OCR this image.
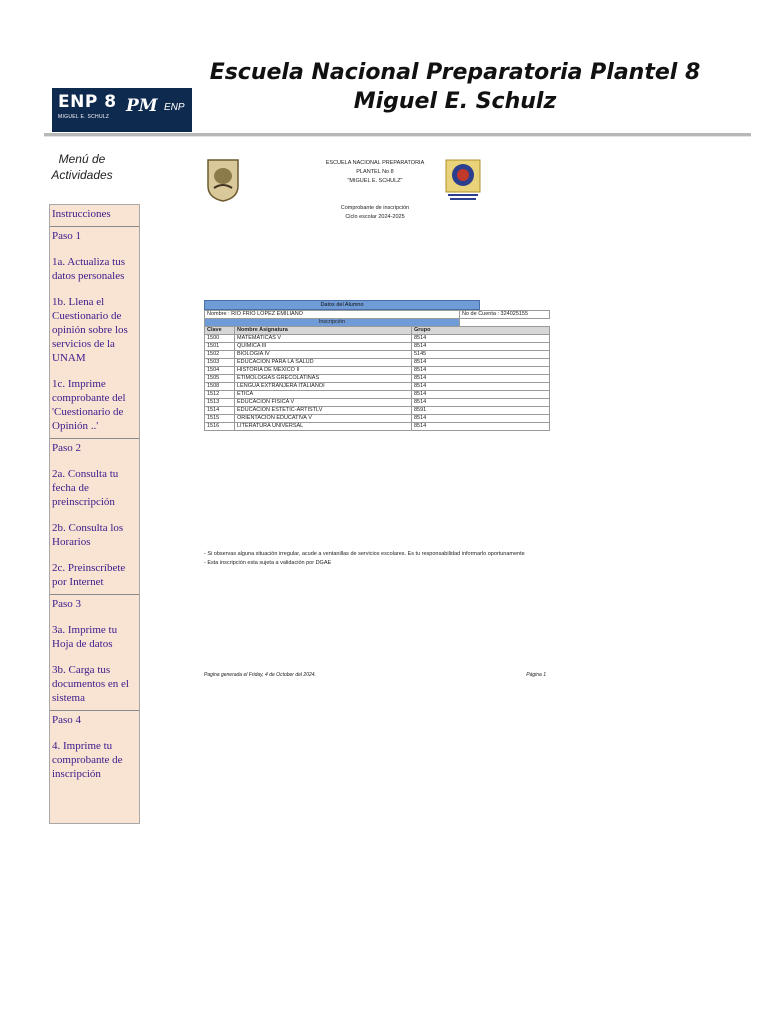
Escuela Nacional Preparatoria Plantel 8
Miguel E. Schulz
ENP 8
MIGUEL E. SCHULZ
PM ENP
Menú de Actividades
Instrucciones
Paso 1
1a. Actualiza tus datos personales
1b. Llena el Cuestionario de opinión sobre los servicios de la UNAM
1c. Imprime comprobante del 'Cuestionario de Opinión ..'
Paso 2
2a. Consulta tu fecha de preinscripción
2b. Consulta los Horarios
2c. Preinscríbete por Internet
Paso 3
3a. Imprime tu Hoja de datos
3b. Carga tus documentos en el sistema
Paso 4
4. Imprime tu comprobante de inscripción
ESCUELA NACIONAL PREPARATORIA
PLANTEL No 8
"MIGUEL E. SCHULZ"
Comprobante de inscripción
Ciclo escolar 2024-2025
Datos del Alumno
Nombre : RIO FRIO LOPEZ EMILIANO			No de Cuenta : 324025155
Inscripción			
Clave	Nombre Asignatura	Grupo	
1500	MATEMATICAS V	8514	
1501	QUIMICA III	8514	
1502	BIOLOGIA IV	5145	
1503	EDUCACION PARA LA SALUD	8514	
1504	HISTORIA DE MEXICO II	8514	
1505	ETIMOLOGIAS GRECOLATINAS	8514	
1508	LENGUA EXTRANJERA ITALIANOI	8514	
1512	ETICA	8514	
1513	EDUCACION FISICA V	8514	
1514	EDUCACION ESTETIC-ARTISTLV	8591	
1515	ORIENTACION EDUCATIVA V	8514	
1516	LITERATURA UNIVERSAL	8514	
- Si observas alguna situación irregular, acude a ventanillas de servicios escolares. Es tu responsabilidad informarlo oportunamente
- Esta inscripción esta sujeta a validación por DGAE
Pagina generada el Friday, 4 de October del 2024.	Página 1
